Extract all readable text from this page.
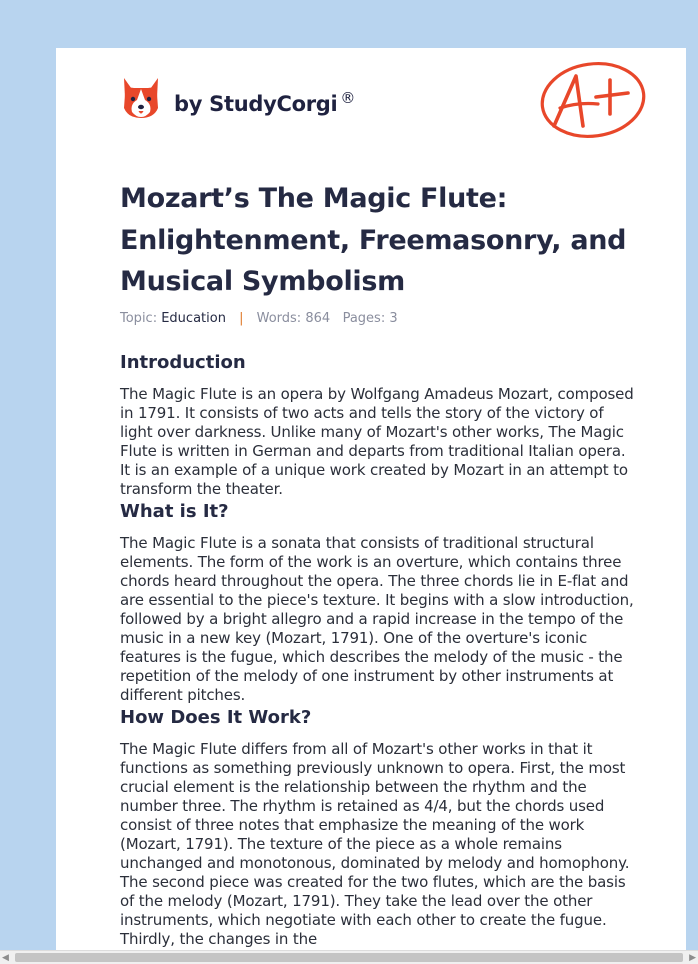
by StudyCorgi ®
Mozart’s The Magic Flute: Enlightenment, Freemasonry, and Musical Symbolism
Topic: Education | Words: 864 Pages: 3
Introduction

The Magic Flute is an opera by Wolfgang Amadeus Mozart, composed in 1791. It consists of two acts and tells the story of the victory of light over darkness. Unlike many of Mozart's other works, The Magic Flute is written in German and departs from traditional Italian opera. It is an example of a unique work created by Mozart in an attempt to transform the theater.

What is It?

The Magic Flute is a sonata that consists of traditional structural elements. The form of the work is an overture, which contains three chords heard throughout the opera. The three chords lie in E-flat and are essential to the piece's texture. It begins with a slow introduction, followed by a bright allegro and a rapid increase in the tempo of the music in a new key (Mozart, 1791). One of the overture's iconic features is the fugue, which describes the melody of the music - the repetition of the melody of one instrument by other instruments at different pitches.

How Does It Work?

The Magic Flute differs from all of Mozart's other works in that it functions as something previously unknown to opera. First, the most crucial element is the relationship between the rhythm and the number three. The rhythm is retained as 4/4, but the chords used consist of three notes that emphasize the meaning of the work (Mozart, 1791). The texture of the piece as a whole remains unchanged and monotonous, dominated by melody and homophony. The second piece was created for the two flutes, which are the basis of the melody (Mozart, 1791). They take the lead over the other instruments, which negotiate with each other to create the fugue. Thirdly, the changes in the

◀	▶
